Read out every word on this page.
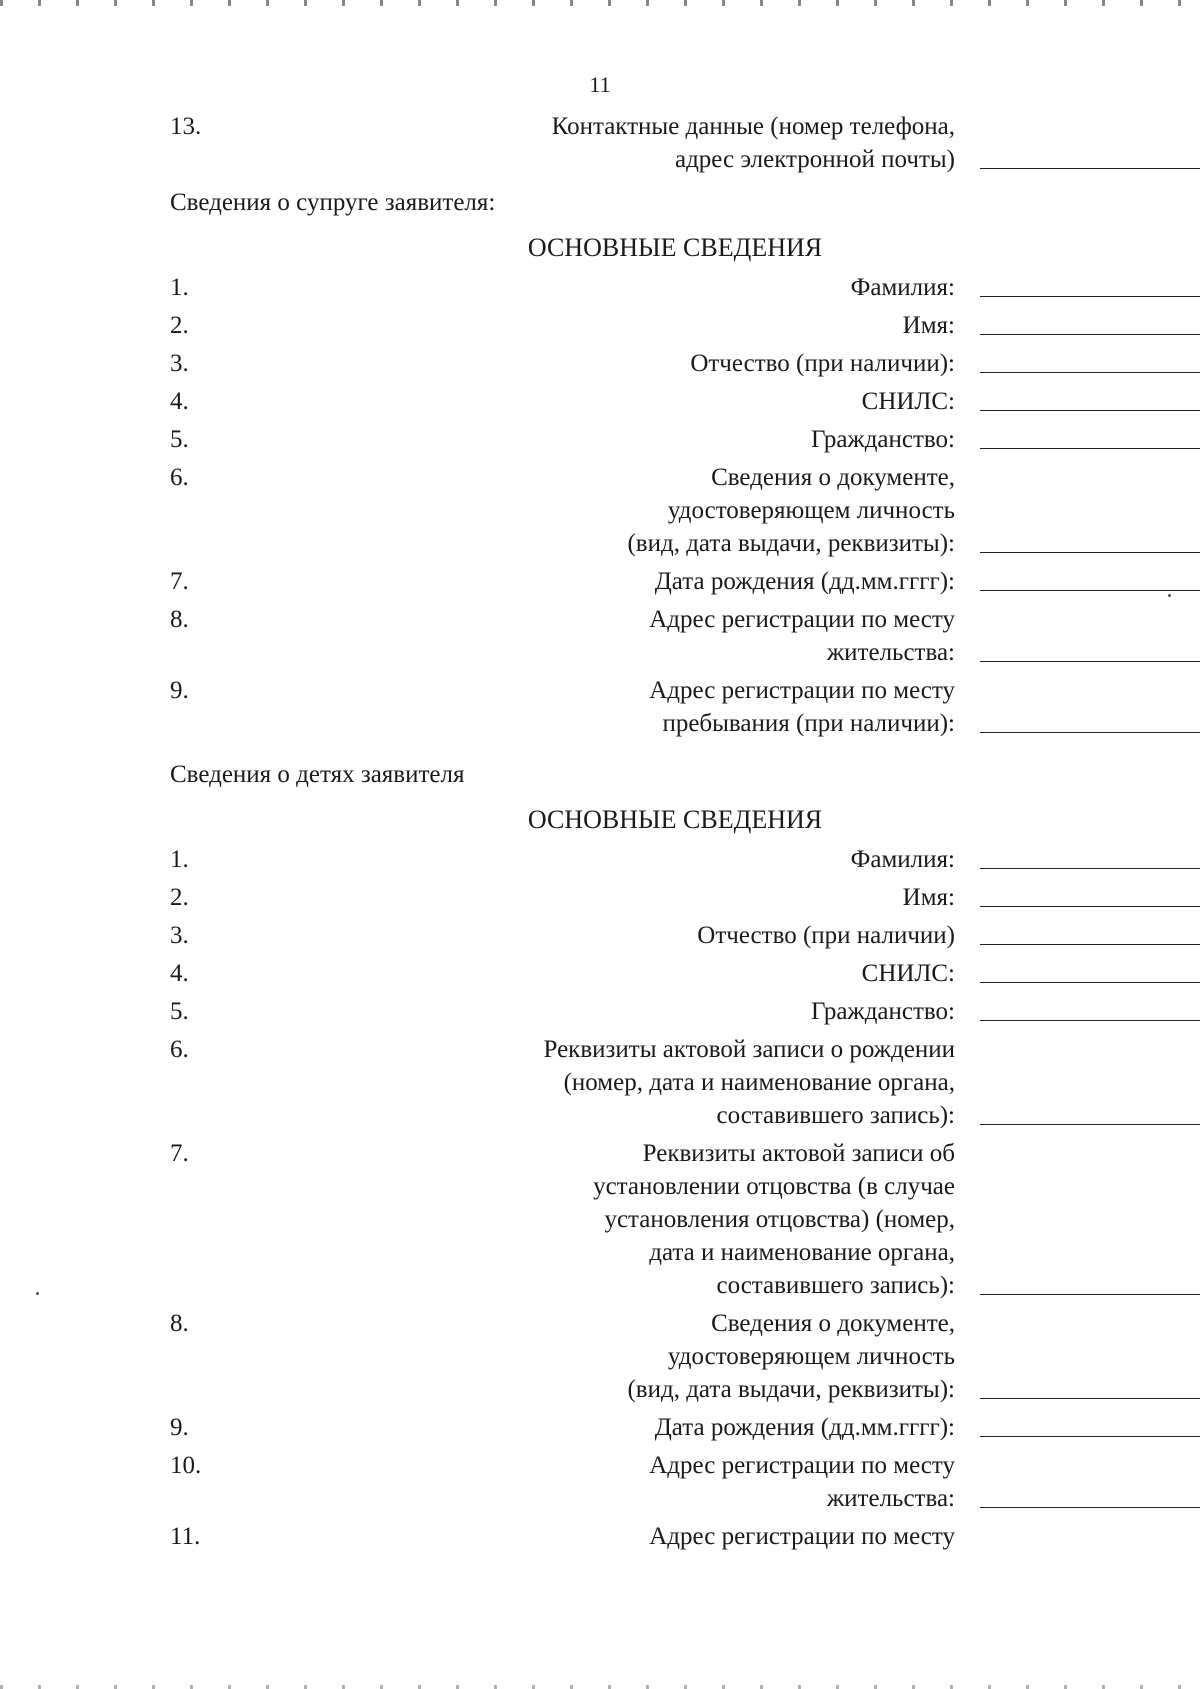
11
13.	Контактные данные (номер телефона,
адрес электронной почты)
Сведения о супруге заявителя:
ОСНОВНЫЕ СВЕДЕНИЯ
1.	Фамилия:
2.	Имя:
3.	Отчество (при наличии):
4.	СНИЛС:
5.	Гражданство:
6.	Сведения о документе,
удостоверяющем личность
(вид, дата выдачи, реквизиты):
7.	Дата рождения (дд.мм.гггг):
8.	Адрес регистрации по месту
жительства:
9.	Адрес регистрации по месту
пребывания (при наличии):
Сведения о детях заявителя
ОСНОВНЫЕ СВЕДЕНИЯ
1.	Фамилия:
2.	Имя:
3.	Отчество (при наличии)
4.	СНИЛС:
5.	Гражданство:
6.	Реквизиты актовой записи о рождении
(номер, дата и наименование органа,
составившего запись):
7.	Реквизиты актовой записи об
установлении отцовства (в случае
установления отцовства) (номер,
дата и наименование органа,
составившего запись):
8.	Сведения о документе,
удостоверяющем личность
(вид, дата выдачи, реквизиты):
9.	Дата рождения (дд.мм.гггг):
10.	Адрес регистрации по месту
жительства:
11.	Адрес регистрации по месту
